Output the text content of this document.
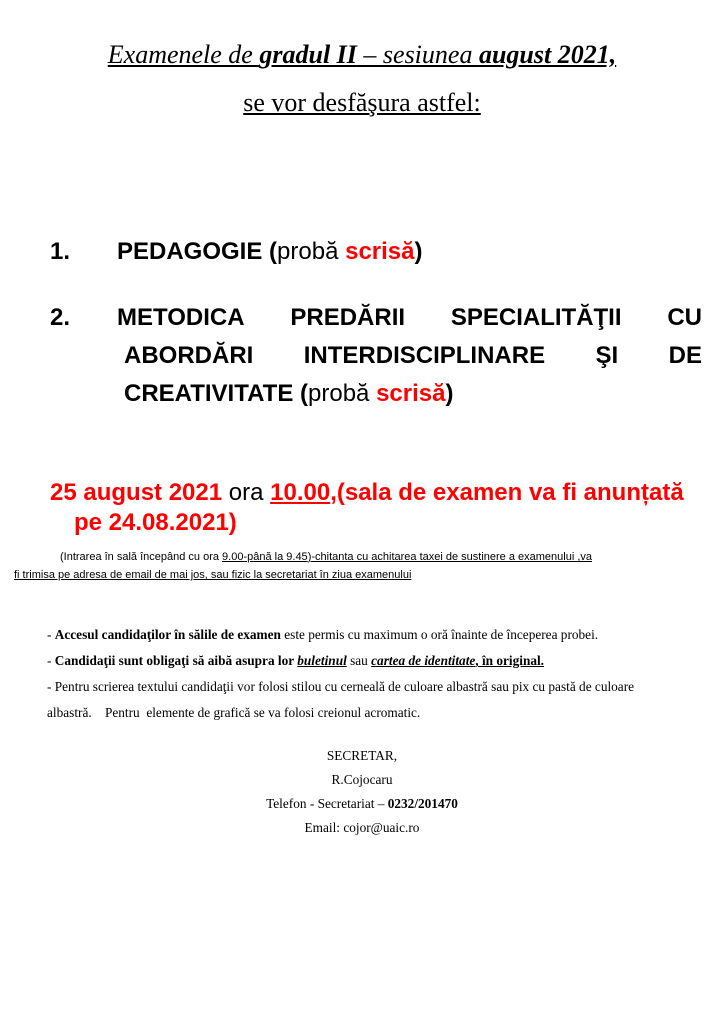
Examenele de gradul II – sesiunea august 2021,
se vor desfăşura astfel:
1. PEDAGOGIE (probă scrisă)
2. METODICA PREDĂRII SPECIALITĂŢII CU
ABORDĂRI INTERDISCIPLINARE ŞI DE
CREATIVITATE (probă scrisă)
25 august 2021 ora 10.00,(sala de examen va fi anunțată
pe 24.08.2021)
(Intrarea în sală începând cu ora 9.00-până la 9.45)-chitanta cu achitarea taxei de sustinere a examenului ,va
fi trimisa pe adresa de email de mai jos, sau fizic la secretariat în ziua examenului
- Accesul candidaţilor în sălile de examen este permis cu maximum o oră înainte de începerea probei.
- Candidaţii sunt obligaţi să aibă asupra lor buletinul sau cartea de identitate, în original.
- Pentru scrierea textului candidaţii vor folosi stilou cu cerneală de culoare albastră sau pix cu pastă de culoare
albastră.    Pentru  elemente de grafică se va folosi creionul acromatic.
SECRETAR,
R.Cojocaru
Telefon - Secretariat – 0232/201470
Email: cojor@uaic.ro
